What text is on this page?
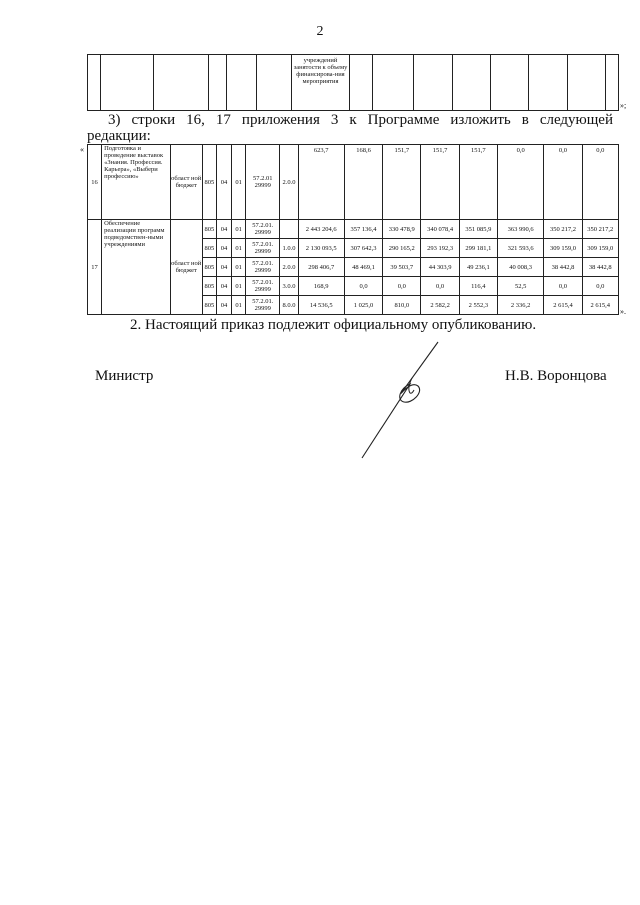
2

учреждений занятости к объему финансирова-ния мероприятия

»;
3) строки 16, 17 приложения 3 к Программе изложить в следующей
редакции:
«
16	Подготовка и проведение выставок «Знания. Профессия. Карьера», «Выбери профессию»	област ной бюджет	805	04	01	57.2.01 29999	2.0.0	623,7	168,6	151,7	151,7	151,7	0,0	0,0	0,0
17	Обеспечение реализации программ подведомствен-ными учреждениями	област ной бюджет	805	04	01	57.2.01. 29999		2 443 204,6	357 136,4	330 478,9	340 078,4	351 085,9	363 990,6	350 217,2	350 217,2
			805	04	01	57.2.01. 29999	1.0.0	2 130 093,5	307 642,3	290 165,2	293 192,3	299 181,1	321 593,6	309 159,0	309 159,0
			805	04	01	57.2.01. 29999	2.0.0	298 406,7	48 469,1	39 503,7	44 303,9	49 236,1	40 008,3	38 442,8	38 442,8
			805	04	01	57.2.01. 29999	3.0.0	168,9	0,0	0,0	0,0	116,4	52,5	0,0	0,0
			805	04	01	57.2.01. 29999	8.0.0	14 536,5	1 025,0	810,0	2 582,2	2 552,3	2 336,2	2 615,4	2 615,4
».
2. Настоящий приказ подлежит официальному опубликованию.
Министр	Н.В. Воронцова
